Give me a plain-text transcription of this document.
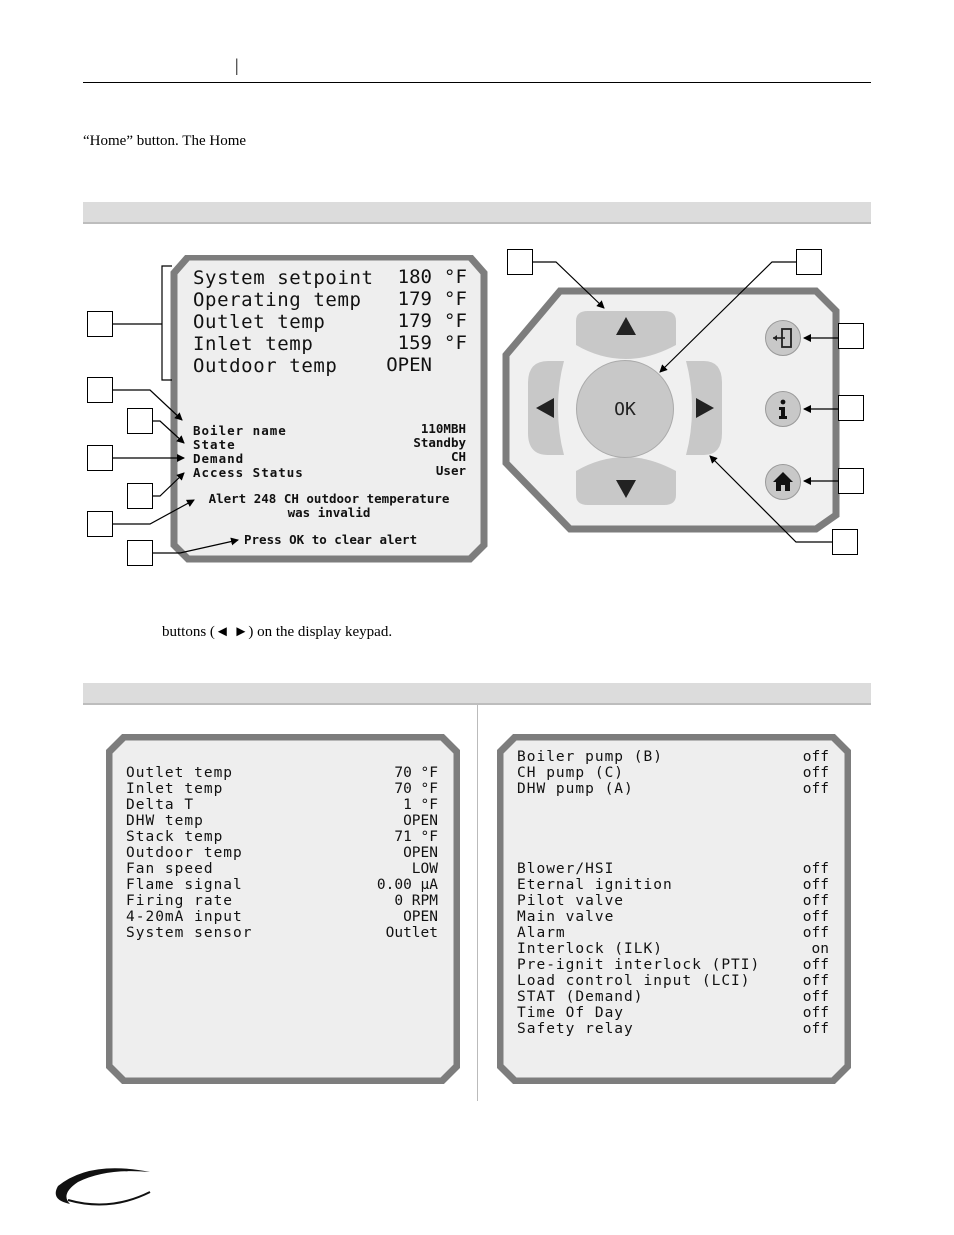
|
“Home” button. The Home
System setpoint	180 °F
Operating temp	179 °F
Outlet temp	179 °F
Inlet temp	159 °F
Outdoor temp	OPEN
Boiler name	110MBH
State	Standby
Demand	CH
Access Status	User
Alert 248 CH outdoor temperature
was invalid
Press OK to clear alert
OK
buttons (◄ ►) on the display keypad.
Outlet temp	70 °F
Inlet temp	70 °F
Delta T	1 °F
DHW temp	OPEN
Stack temp	71 °F
Outdoor temp	OPEN
Fan speed	LOW
Flame signal	0.00 μA
Firing rate	0 RPM
4-20mA input	OPEN
System sensor	Outlet
Boiler pump (B)	off
CH pump (C)	off
DHW pump (A)	off
Blower/HSI	off
Eternal ignition	off
Pilot valve	off
Main valve	off
Alarm	off
Interlock (ILK)	on
Pre-ignit interlock (PTI)	off
Load control input (LCI)	off
STAT (Demand)	off
Time Of Day	off
Safety relay	off
